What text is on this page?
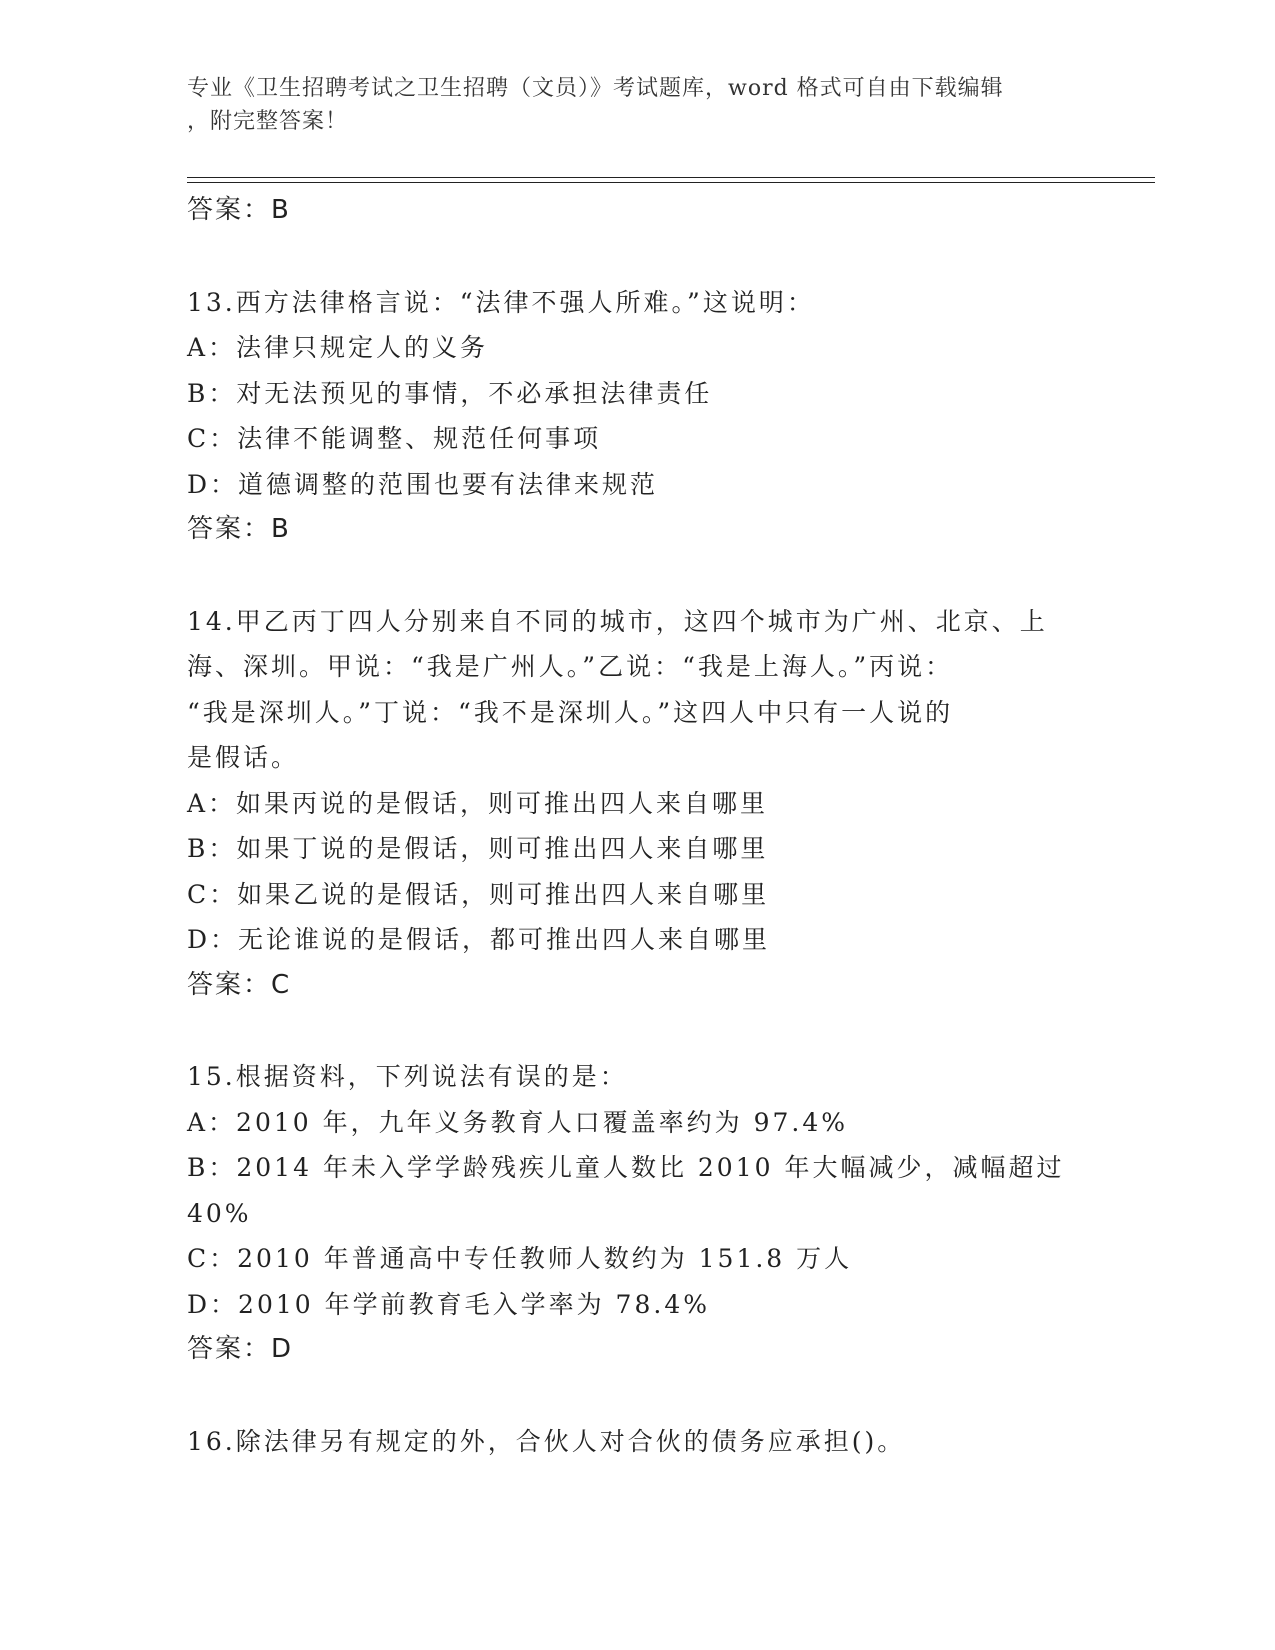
专业《卫生招聘考试之卫生招聘（文员）》考试题库，word 格式可自由下载编辑
，附完整答案！
答案：B
13.西方法律格言说：“法律不强人所难。”这说明：
A：法律只规定人的义务
B：对无法预见的事情，不必承担法律责任
C：法律不能调整、规范任何事项
D：道德调整的范围也要有法律来规范
答案：B
14.甲乙丙丁四人分别来自不同的城市，这四个城市为广州、北京、上
海、深圳。甲说：“我是广州人。”乙说：“我是上海人。”丙说：
“我是深圳人。”丁说：“我不是深圳人。”这四人中只有一人说的
是假话。
A：如果丙说的是假话，则可推出四人来自哪里
B：如果丁说的是假话，则可推出四人来自哪里
C：如果乙说的是假话，则可推出四人来自哪里
D：无论谁说的是假话，都可推出四人来自哪里
答案：C
15.根据资料，下列说法有误的是：
A：2010 年，九年义务教育人口覆盖率约为 97.4%
B：2014 年未入学学龄残疾儿童人数比 2010 年大幅减少，减幅超过
40%
C：2010 年普通高中专任教师人数约为 151.8 万人
D：2010 年学前教育毛入学率为 78.4%
答案：D
16.除法律另有规定的外，合伙人对合伙的债务应承担()。
